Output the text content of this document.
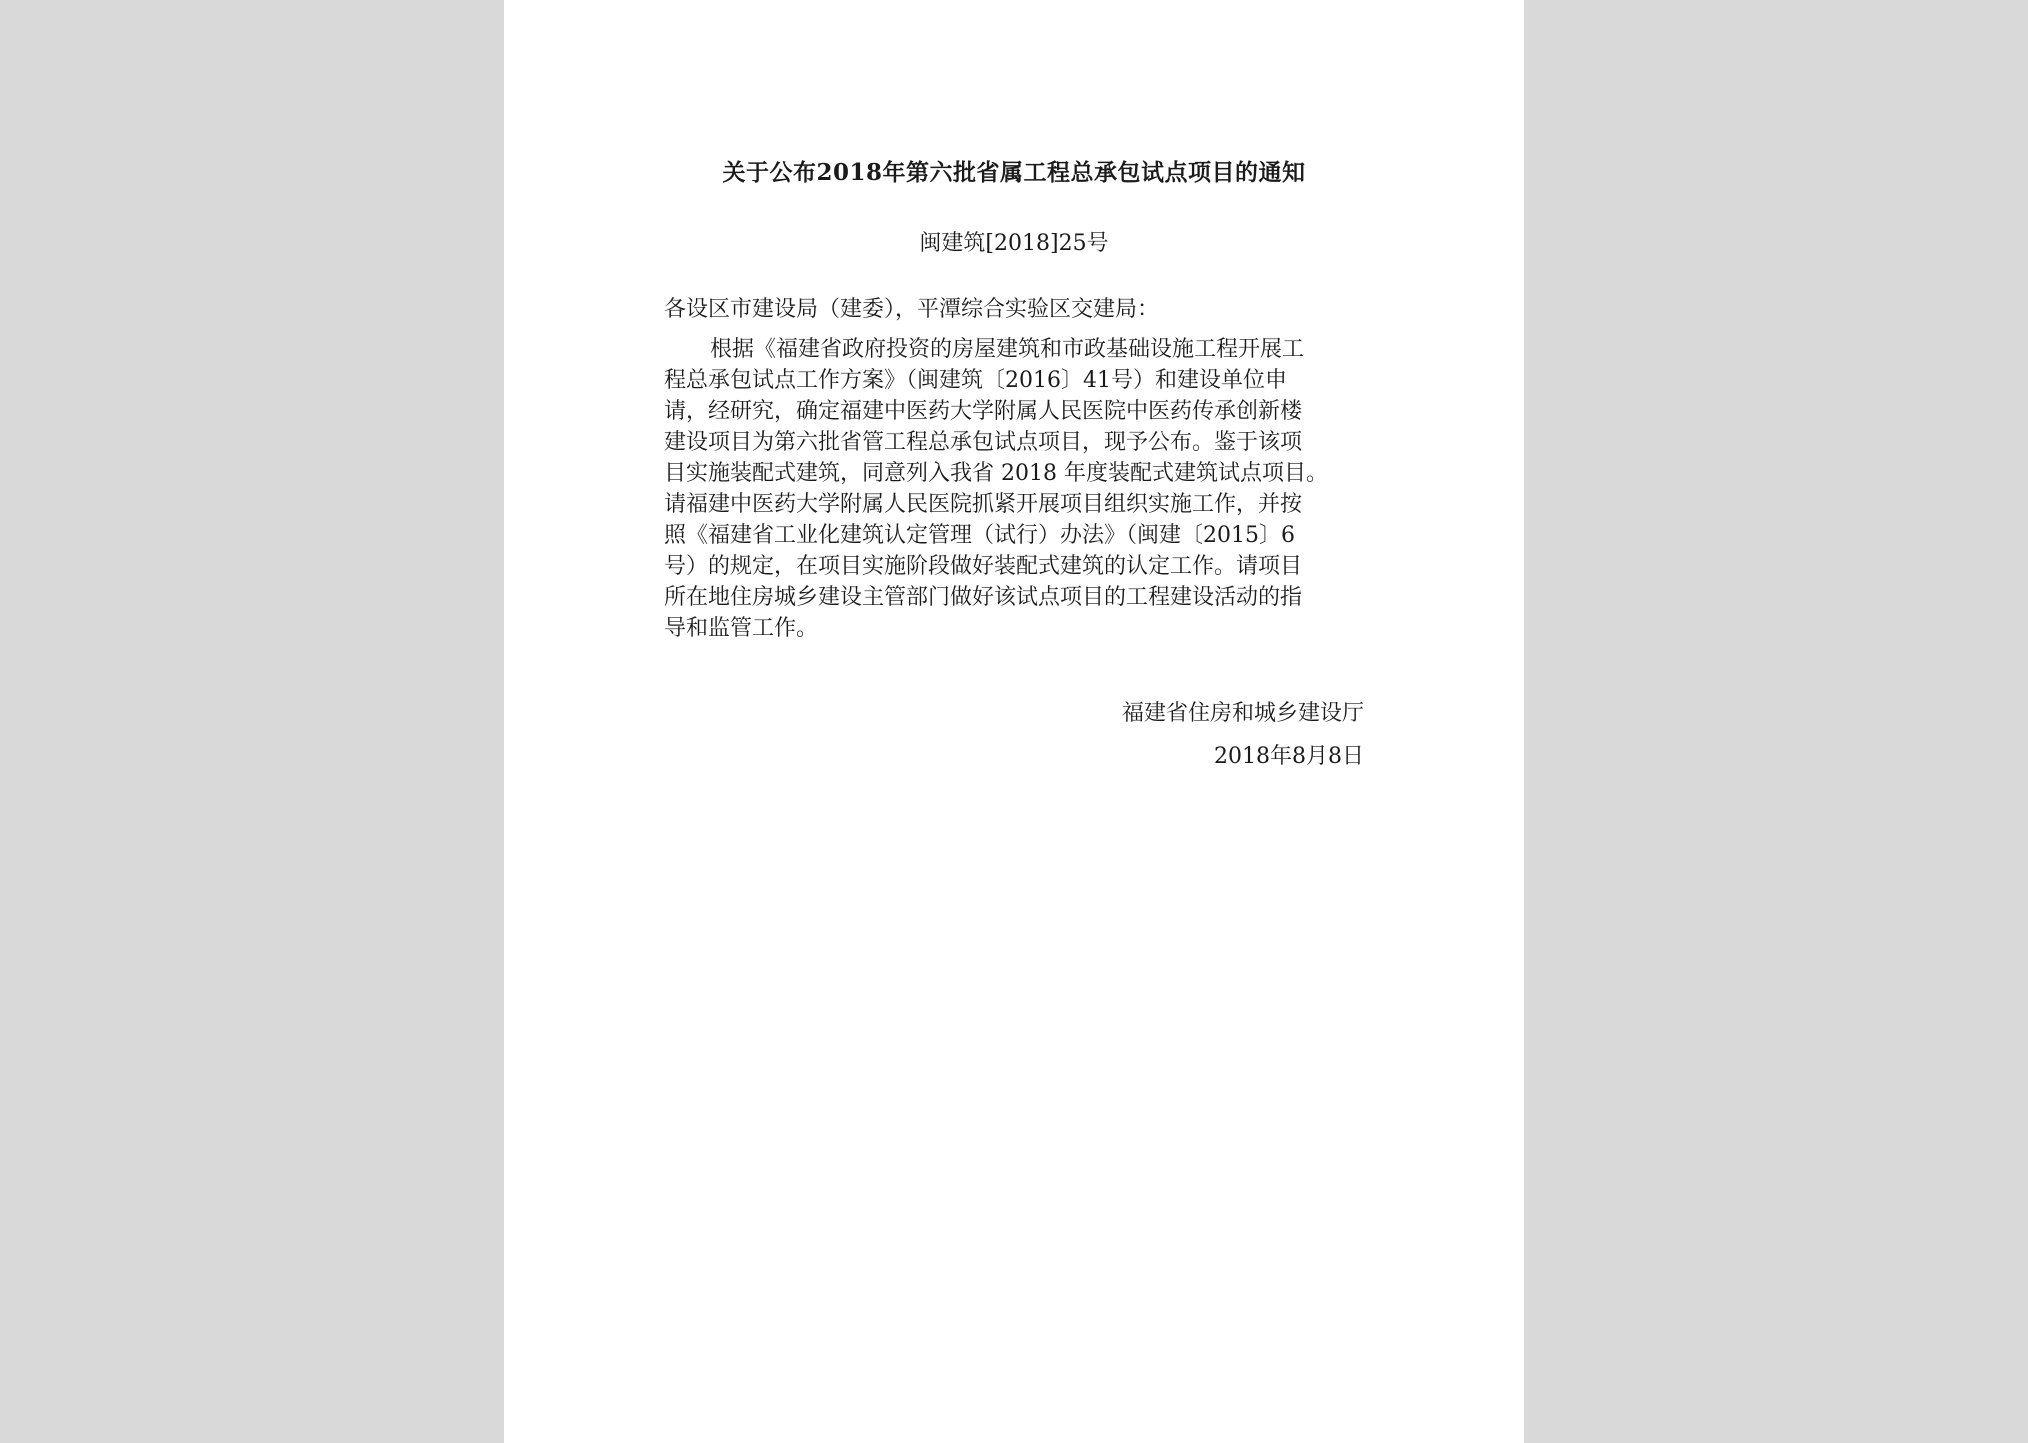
关于公布2018年第六批省属工程总承包试点项目的通知
闽建筑[2018]25号
各设区市建设局（建委），平潭综合实验区交建局：
根据《福建省政府投资的房屋建筑和市政基础设施工程开展工
程总承包试点工作方案》（闽建筑〔2016〕41号）和建设单位申
请，经研究，确定福建中医药大学附属人民医院中医药传承创新楼
建设项目为第六批省管工程总承包试点项目，现予公布。鉴于该项
目实施装配式建筑，同意列入我省 2018 年度装配式建筑试点项目。
请福建中医药大学附属人民医院抓紧开展项目组织实施工作，并按
照《福建省工业化建筑认定管理（试行）办法》（闽建〔2015〕6
号）的规定，在项目实施阶段做好装配式建筑的认定工作。请项目
所在地住房城乡建设主管部门做好该试点项目的工程建设活动的指
导和监管工作。
福建省住房和城乡建设厅
2018年8月8日
